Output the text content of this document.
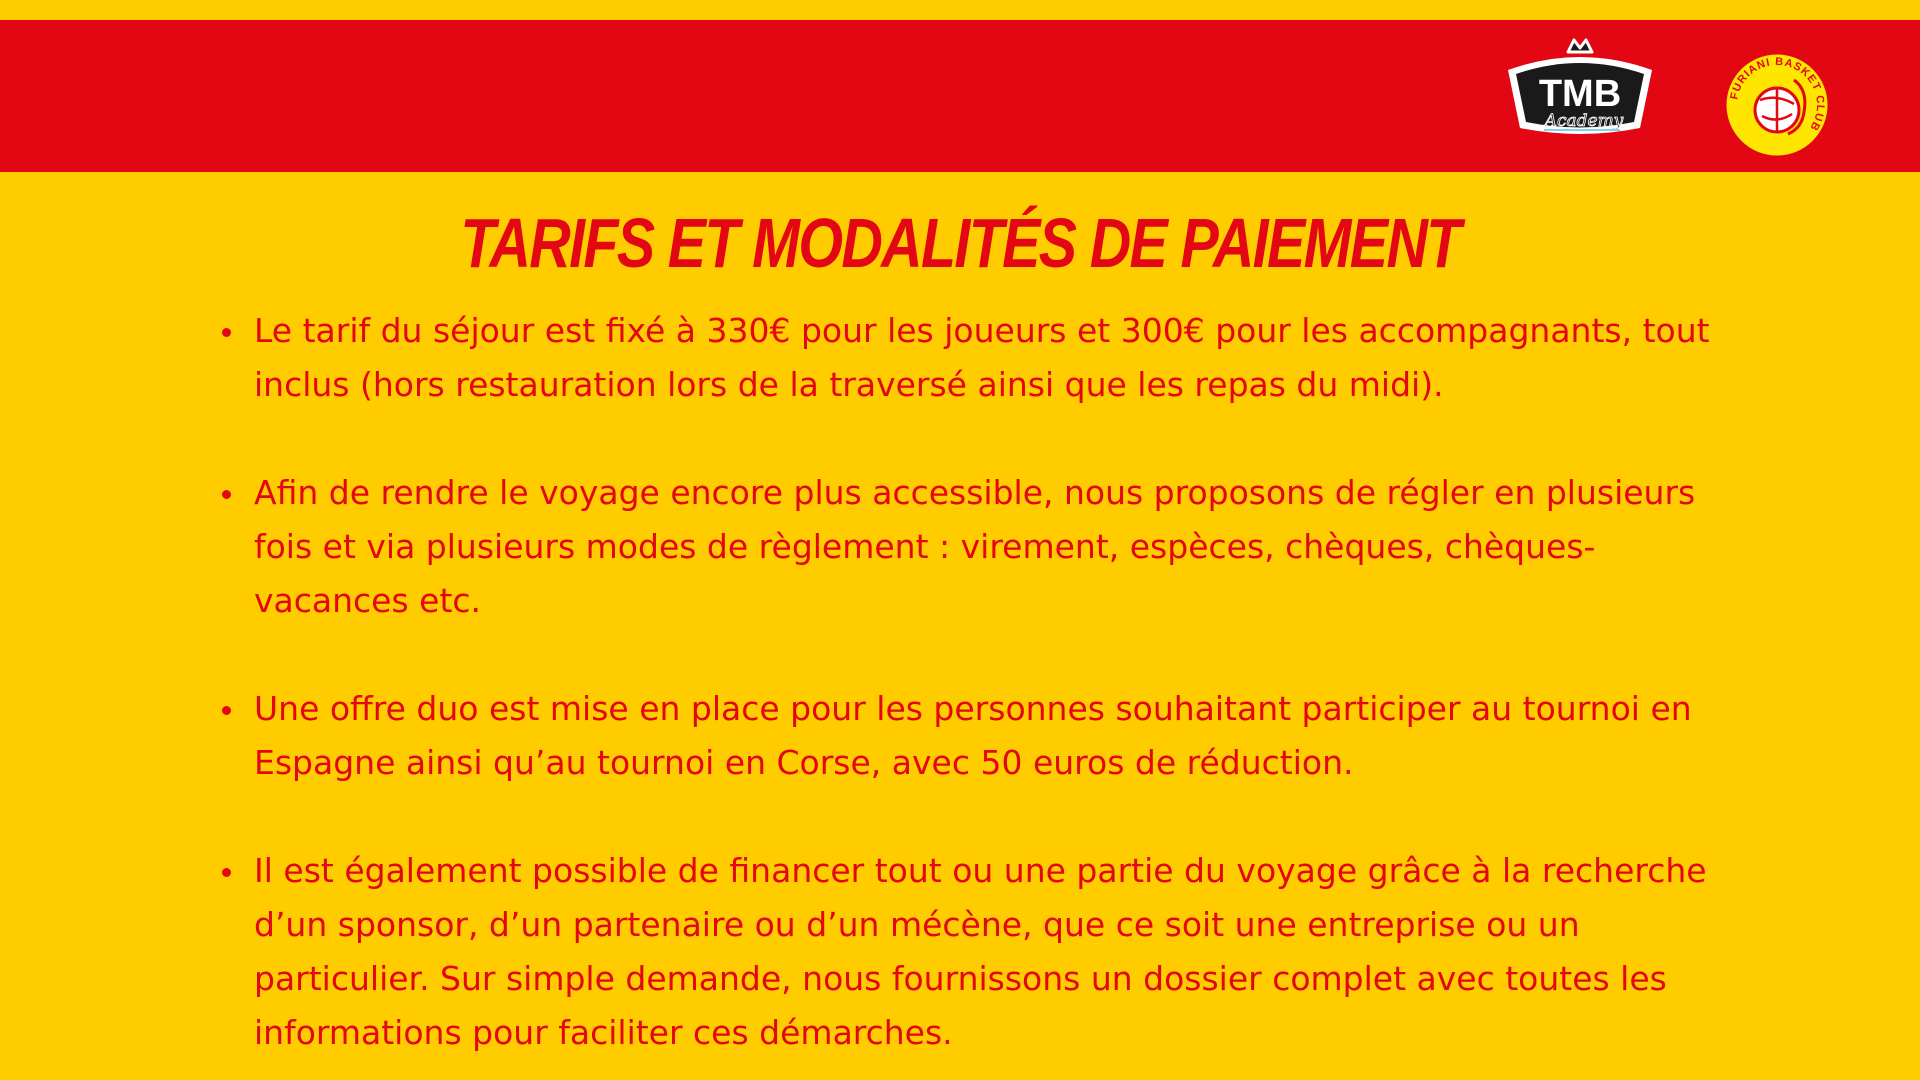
TMB
Academy
FURIANI BASKET CLUB
TARIFS ET MODALITÉS DE PAIEMENT
Le tarif du séjour est fixé à 330€ pour les joueurs et 300€ pour les accompagnants, tout inclus (hors restauration lors de la traversé ainsi que les repas du midi).
Afin de rendre le voyage encore plus accessible, nous proposons de régler en plusieurs fois et via plusieurs modes de règlement : virement, espèces, chèques, chèques-vacances etc.
Une offre duo est mise en place pour les personnes souhaitant participer au tournoi en Espagne ainsi qu’au tournoi en Corse, avec 50 euros de réduction.
Il est également possible de financer tout ou une partie du voyage grâce à la recherche d’un sponsor, d’un partenaire ou d’un mécène, que ce soit une entreprise ou un particulier. Sur simple demande, nous fournissons un dossier complet avec toutes les informations pour faciliter ces démarches.
